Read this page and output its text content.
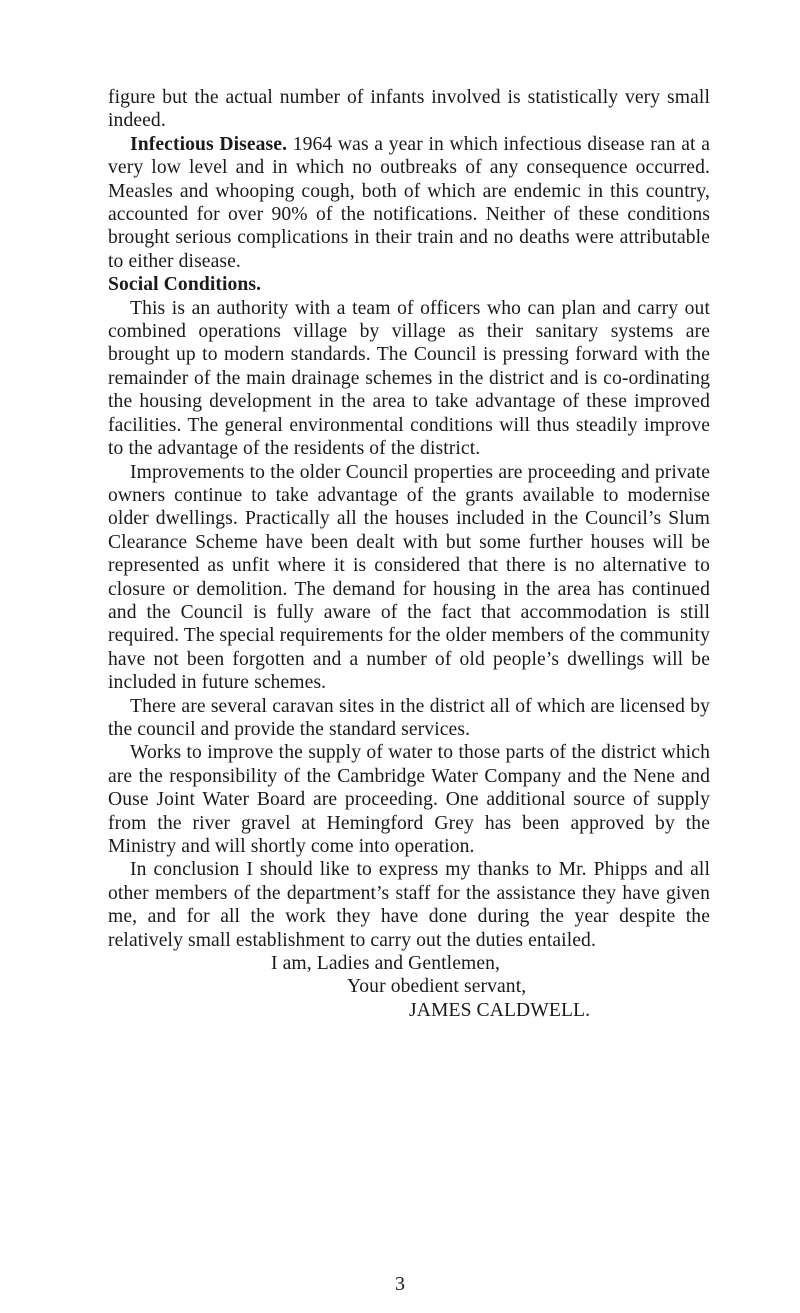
figure but the actual number of infants involved is statistically very small indeed.

Infectious Disease. 1964 was a year in which infectious disease ran at a very low level and in which no outbreaks of any consequence occurred. Measles and whooping cough, both of which are endemic in this country, accounted for over 90% of the notifications. Neither of these conditions brought serious complications in their train and no deaths were attributable to either disease.

Social Conditions.

This is an authority with a team of officers who can plan and carry out combined operations village by village as their sanitary systems are brought up to modern standards. The Council is pressing forward with the remainder of the main drainage schemes in the district and is co-ordinating the housing development in the area to take advantage of these improved facilities. The general environmental conditions will thus steadily improve to the advantage of the residents of the district.

Improvements to the older Council properties are proceeding and private owners continue to take advantage of the grants available to modernise older dwellings. Practically all the houses included in the Council’s Slum Clearance Scheme have been dealt with but some further houses will be represented as unfit where it is considered that there is no alternative to closure or demolition. The demand for housing in the area has continued and the Council is fully aware of the fact that accommodation is still required. The special requirements for the older members of the community have not been forgotten and a number of old people’s dwellings will be included in future schemes.

There are several caravan sites in the district all of which are licensed by the council and provide the standard services.

Works to improve the supply of water to those parts of the district which are the responsibility of the Cambridge Water Company and the Nene and Ouse Joint Water Board are proceeding. One additional source of supply from the river gravel at Hemingford Grey has been approved by the Ministry and will shortly come into operation.

In conclusion I should like to express my thanks to Mr. Phipps and all other members of the department’s staff for the assistance they have given me, and for all the work they have done during the year despite the relatively small establishment to carry out the duties entailed.

I am, Ladies and Gentlemen,

Your obedient servant,

JAMES CALDWELL.

3
